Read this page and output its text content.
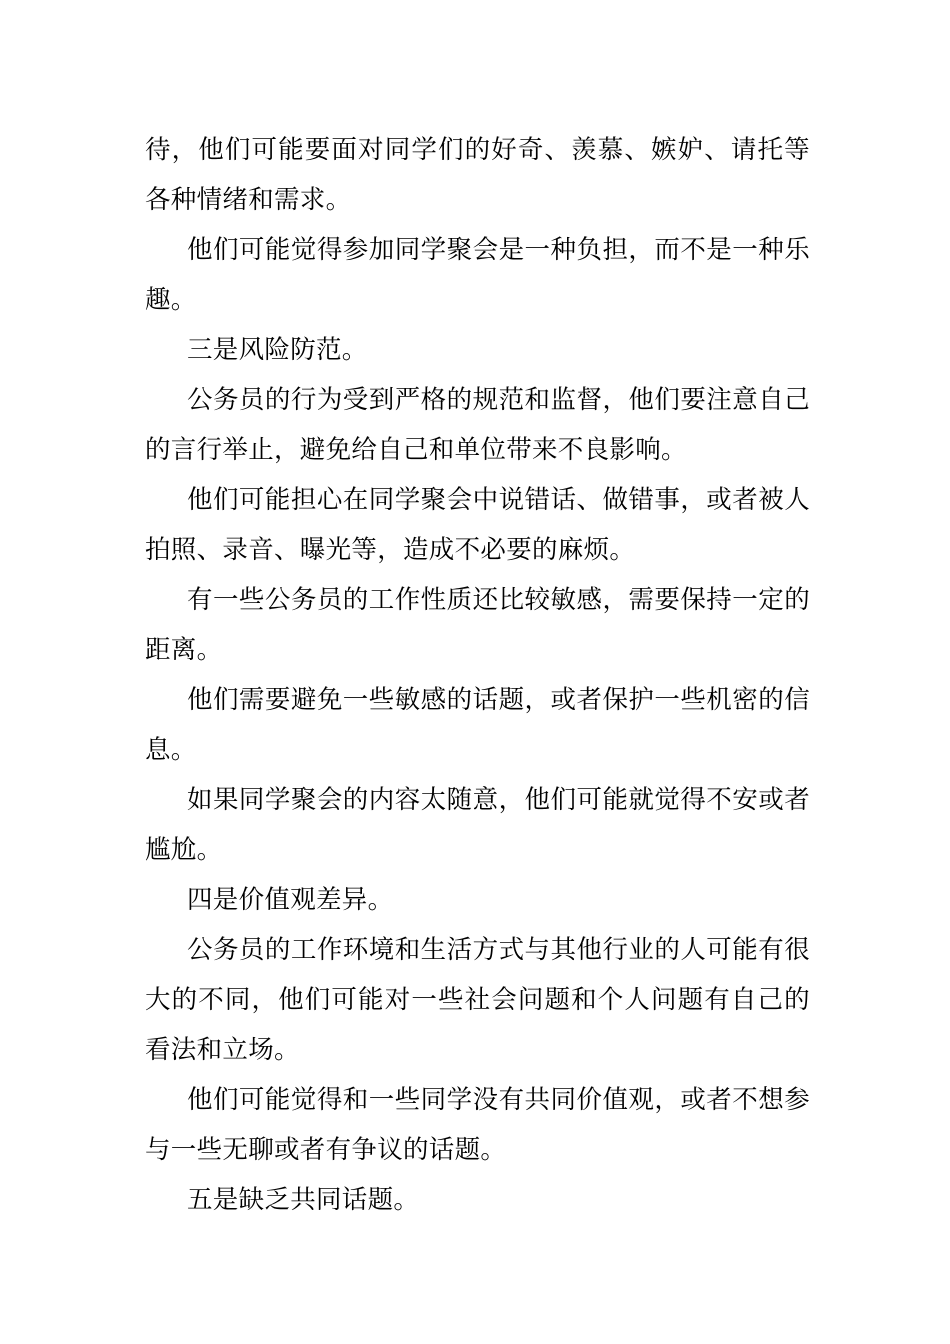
待，他们可能要面对同学们的好奇、羡慕、嫉妒、请托等各种情绪和需求。

他们可能觉得参加同学聚会是一种负担，而不是一种乐趣。

三是风险防范。

公务员的行为受到严格的规范和监督，他们要注意自己的言行举止，避免给自己和单位带来不良影响。

他们可能担心在同学聚会中说错话、做错事，或者被人拍照、录音、曝光等，造成不必要的麻烦。

有一些公务员的工作性质还比较敏感，需要保持一定的距离。

他们需要避免一些敏感的话题，或者保护一些机密的信息。

如果同学聚会的内容太随意，他们可能就觉得不安或者尴尬。

四是价值观差异。

公务员的工作环境和生活方式与其他行业的人可能有很大的不同，他们可能对一些社会问题和个人问题有自己的看法和立场。

他们可能觉得和一些同学没有共同价值观，或者不想参与一些无聊或者有争议的话题。

五是缺乏共同话题。
